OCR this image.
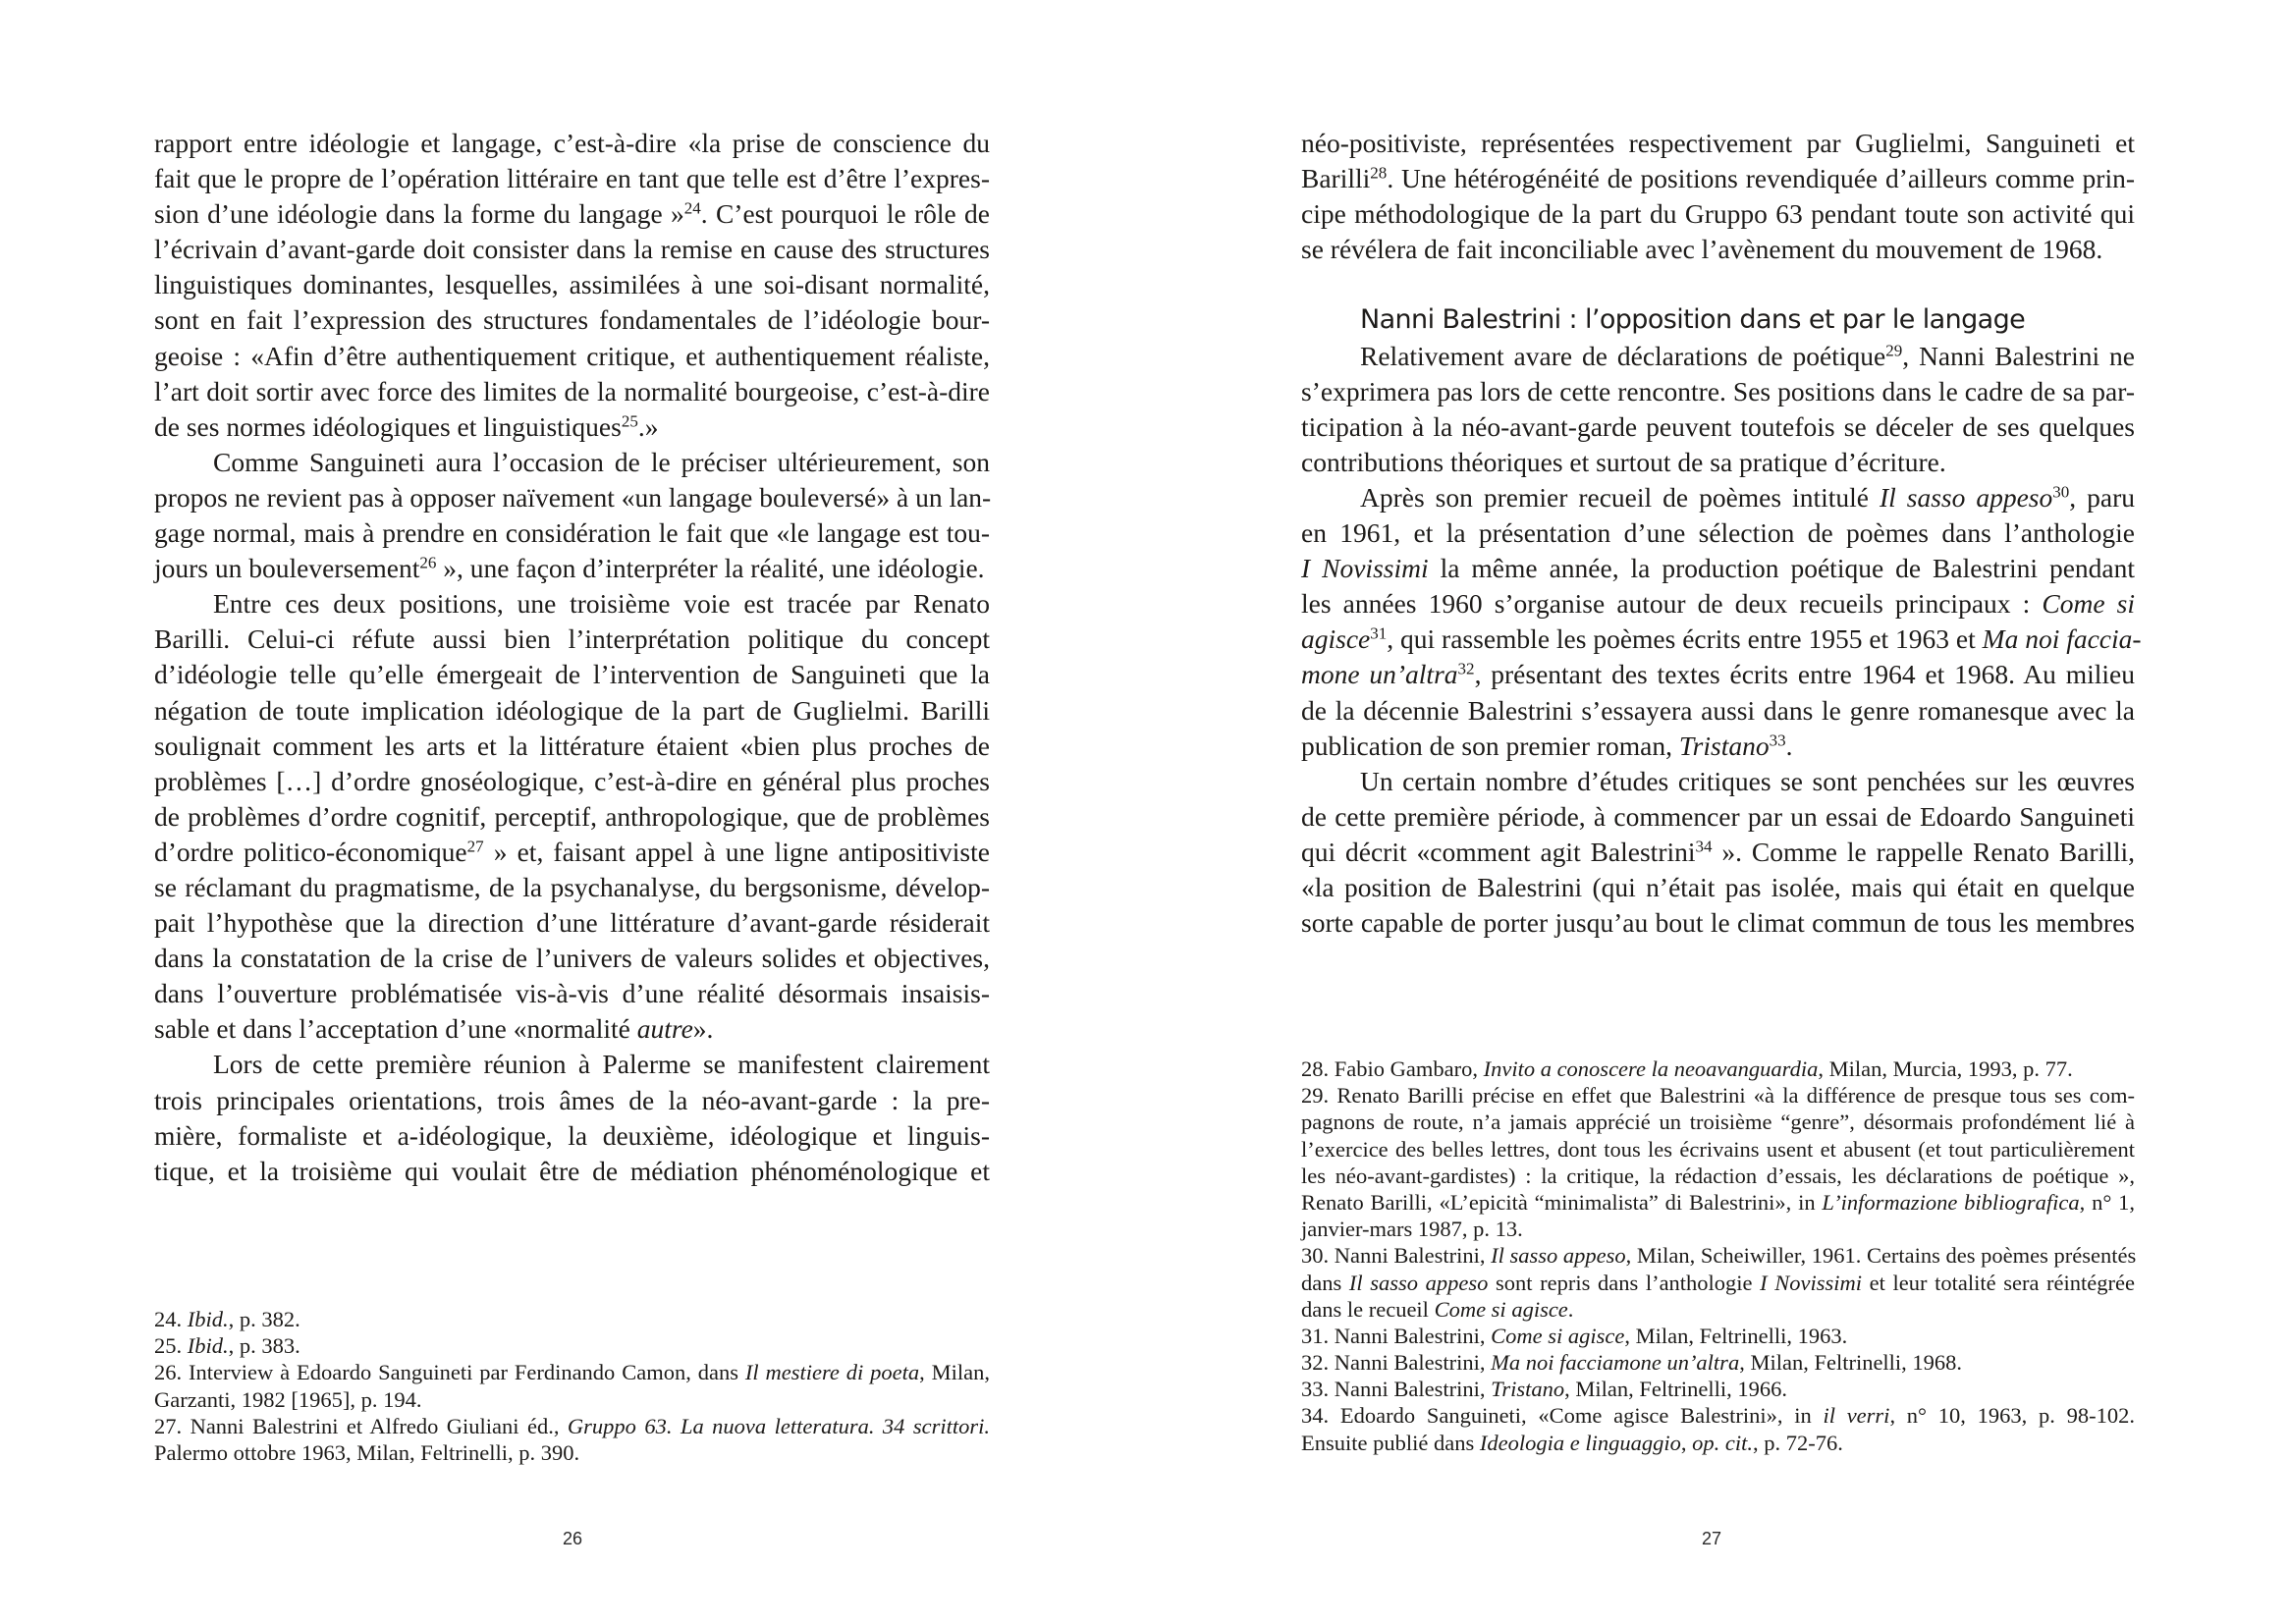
rapport entre idéologie et langage, c’est-à-dire «la prise de conscience du
fait que le propre de l’opération littéraire en tant que telle est d’être l’expres-
sion d’une idéologie dans la forme du langage »$^{24}$. C’est pourquoi le rôle de
l’écrivain d’avant-garde doit consister dans la remise en cause des structures
linguistiques dominantes, lesquelles, assimilées à une soi-disant normalité,
sont en fait l’expression des structures fondamentales de l’idéologie bour-
geoise : «Afin d’être authentiquement critique, et authentiquement réaliste,
l’art doit sortir avec force des limites de la normalité bourgeoise, c’est-à-dire
de ses normes idéologiques et linguistiques$^{25}$.»
Comme Sanguineti aura l’occasion de le préciser ultérieurement, son
propos ne revient pas à opposer naïvement «un langage bouleversé» à un lan-
gage normal, mais à prendre en considération le fait que «le langage est tou-
jours un bouleversement$^{26}$ », une façon d’interpréter la réalité, une idéologie.
Entre ces deux positions, une troisième voie est tracée par Renato
Barilli. Celui-ci réfute aussi bien l’interprétation politique du concept
d’idéologie telle qu’elle émergeait de l’intervention de Sanguineti que la
négation de toute implication idéologique de la part de Guglielmi. Barilli
soulignait comment les arts et la littérature étaient «bien plus proches de
problèmes […] d’ordre gnoséologique, c’est-à-dire en général plus proches
de problèmes d’ordre cognitif, perceptif, anthropologique, que de problèmes
d’ordre politico-économique$^{27}$ » et, faisant appel à une ligne antipositiviste
se réclamant du pragmatisme, de la psychanalyse, du bergsonisme, dévelop-
pait l’hypothèse que la direction d’une littérature d’avant-garde résiderait
dans la constatation de la crise de l’univers de valeurs solides et objectives,
dans l’ouverture problématisée vis-à-vis d’une réalité désormais insaisis-
sable et dans l’acceptation d’une «normalité autre».
Lors de cette première réunion à Palerme se manifestent clairement
trois principales orientations, trois âmes de la néo-avant-garde : la pre-
mière, formaliste et a-idéologique, la deuxième, idéologique et linguis-
tique, et la troisième qui voulait être de médiation phénoménologique et
24. Ibid., p. 382.
25. Ibid., p. 383.
26. Interview à Edoardo Sanguineti par Ferdinando Camon, dans Il mestiere di poeta, Milan,
Garzanti, 1982 [1965], p. 194.
27. Nanni Balestrini et Alfredo Giuliani éd., Gruppo 63. La nuova letteratura. 34 scrittori.
Palermo ottobre 1963, Milan, Feltrinelli, p. 390.
26
néo-positiviste, représentées respectivement par Guglielmi, Sanguineti et
Barilli$^{28}$. Une hétérogénéité de positions revendiquée d’ailleurs comme prin-
cipe méthodologique de la part du Gruppo 63 pendant toute son activité qui
se révélera de fait inconciliable avec l’avènement du mouvement de 1968.
Nanni Balestrini : l’opposition dans et par le langage
Relativement avare de déclarations de poétique$^{29}$, Nanni Balestrini ne
s’exprimera pas lors de cette rencontre. Ses positions dans le cadre de sa par-
ticipation à la néo-avant-garde peuvent toutefois se déceler de ses quelques
contributions théoriques et surtout de sa pratique d’écriture.
Après son premier recueil de poèmes intitulé Il sasso appeso$^{30}$, paru
en 1961, et la présentation d’une sélection de poèmes dans l’anthologie
I Novissimi la même année, la production poétique de Balestrini pendant
les années 1960 s’organise autour de deux recueils principaux : Come si
agisce$^{31}$, qui rassemble les poèmes écrits entre 1955 et 1963 et Ma noi faccia-
mone un’altra$^{32}$, présentant des textes écrits entre 1964 et 1968. Au milieu
de la décennie Balestrini s’essayera aussi dans le genre romanesque avec la
publication de son premier roman, Tristano$^{33}$.
Un certain nombre d’études critiques se sont penchées sur les œuvres
de cette première période, à commencer par un essai de Edoardo Sanguineti
qui décrit «comment agit Balestrini$^{34}$ ». Comme le rappelle Renato Barilli,
«la position de Balestrini (qui n’était pas isolée, mais qui était en quelque
sorte capable de porter jusqu’au bout le climat commun de tous les membres
28. Fabio Gambaro, Invito a conoscere la neoavanguardia, Milan, Murcia, 1993, p. 77.
29. Renato Barilli précise en effet que Balestrini «à la différence de presque tous ses com-
pagnons de route, n’a jamais apprécié un troisième “genre”, désormais profondément lié à
l’exercice des belles lettres, dont tous les écrivains usent et abusent (et tout particulièrement
les néo-avant-gardistes) : la critique, la rédaction d’essais, les déclarations de poétique »,
Renato Barilli, «L’epicità “minimalista” di Balestrini», in L’informazione bibliografica, n° 1,
janvier-mars 1987, p. 13.
30. Nanni Balestrini, Il sasso appeso, Milan, Scheiwiller, 1961. Certains des poèmes présentés
dans Il sasso appeso sont repris dans l’anthologie I Novissimi et leur totalité sera réintégrée
dans le recueil Come si agisce.
31. Nanni Balestrini, Come si agisce, Milan, Feltrinelli, 1963.
32. Nanni Balestrini, Ma noi facciamone un’altra, Milan, Feltrinelli, 1968.
33. Nanni Balestrini, Tristano, Milan, Feltrinelli, 1966.
34. Edoardo Sanguineti, «Come agisce Balestrini», in il verri, n° 10, 1963, p. 98-102.
Ensuite publié dans Ideologia e linguaggio, op. cit., p. 72-76.
27
